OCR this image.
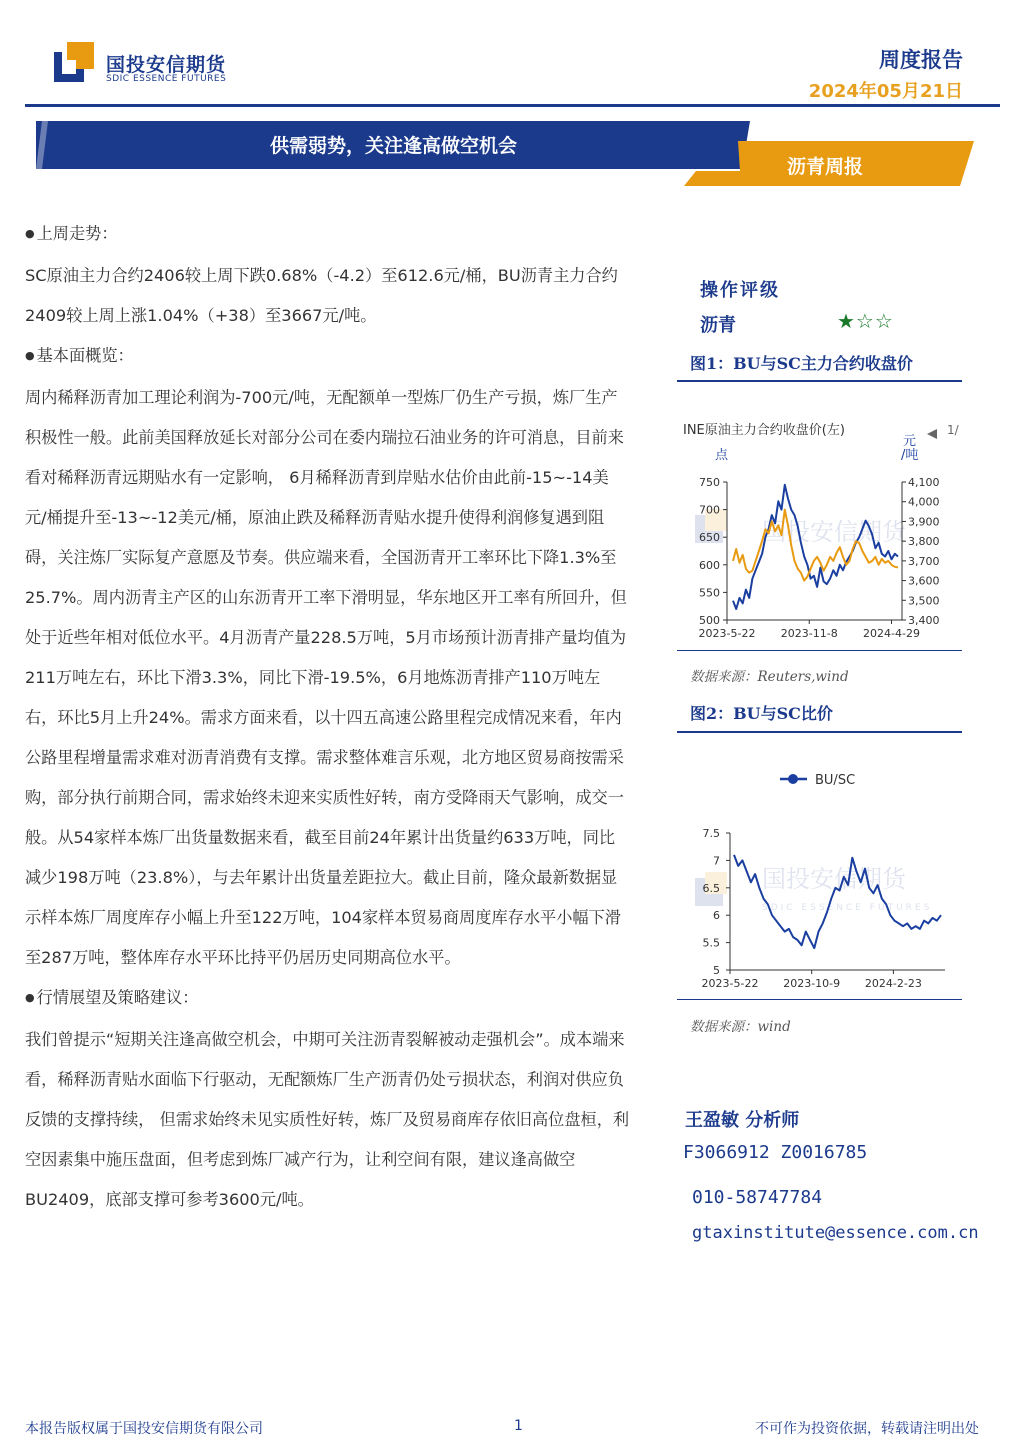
国投安信期货
SDIC ESSENCE FUTURES
周度报告
2024年05月21日
供需弱势，关注逢高做空机会
沥青周报
● 上周走势：
SC原油主力合约2406较上周下跌0.68%（-4.2）至612.6元/桶，BU沥青主力合约2409较上周上涨1.04%（+38）至3667元/吨。
● 基本面概览：
周内稀释沥青加工理论利润为-700元/吨，无配额单一型炼厂仍生产亏损，炼厂生产积极性一般。此前美国释放延长对部分公司在委内瑞拉石油业务的许可消息，目前来看对稀释沥青远期贴水有一定影响， 6月稀释沥青到岸贴水估价由此前-15~-14美元/桶提升至-13~-12美元/桶，原油止跌及稀释沥青贴水提升使得利润修复遇到阻碍，关注炼厂实际复产意愿及节奏。供应端来看，全国沥青开工率环比下降1.3%至25.7%。周内沥青主产区的山东沥青开工率下滑明显，华东地区开工率有所回升，但处于近些年相对低位水平。4月沥青产量228.5万吨，5月市场预计沥青排产量均值为211万吨左右，环比下滑3.3%，同比下滑-19.5%，6月地炼沥青排产110万吨左右，环比5月上升24%。需求方面来看，以十四五高速公路里程完成情况来看，年内公路里程增量需求难对沥青消费有支撑。需求整体难言乐观，北方地区贸易商按需采购，部分执行前期合同，需求始终未迎来实质性好转，南方受降雨天气影响，成交一般。从54家样本炼厂出货量数据来看，截至目前24年累计出货量约633万吨，同比减少198万吨（23.8%），与去年累计出货量差距拉大。截止目前，隆众最新数据显示样本炼厂周度库存小幅上升至122万吨，104家样本贸易商周度库存水平小幅下滑至287万吨，整体库存水平环比持平仍居历史同期高位水平。
● 行情展望及策略建议：
我们曾提示“短期关注逢高做空机会，中期可关注沥青裂解被动走强机会”。成本端来看，稀释沥青贴水面临下行驱动，无配额炼厂生产沥青仍处亏损状态，利润对供应负反馈的支撑持续， 但需求始终未见实质性好转，炼厂及贸易商库存依旧高位盘桓，利空因素集中施压盘面，但考虑到炼厂减产行为，让利空间有限，建议逢高做空BU2409，底部支撑可参考3600元/吨。
操作评级
沥青	★☆☆
图1：BU与SC主力合约收盘价
INE原油主力合约收盘价(左)	1/
点
元
/吨
国投安信期货
750
700
650
600
550
500
4,100
4,000
3,900
3,800
3,700
3,600
3,500
3,400
2023-5-22 2023-11-8 2024-4-29
数据来源：Reuters,wind
图2：BU与SC比价
BU/SC
国投安信期货
SDIC ESSENCE FUTURES
7.5
7
6.5
6
5.5
5
2023-5-22 2023-10-9 2024-2-23
数据来源：wind
王盈敏 分析师
F3066912 Z0016785
010-58747784
gtaxinstitute@essence.com.cn
本报告版权属于国投安信期货有限公司	1	不可作为投资依据，转载请注明出处
